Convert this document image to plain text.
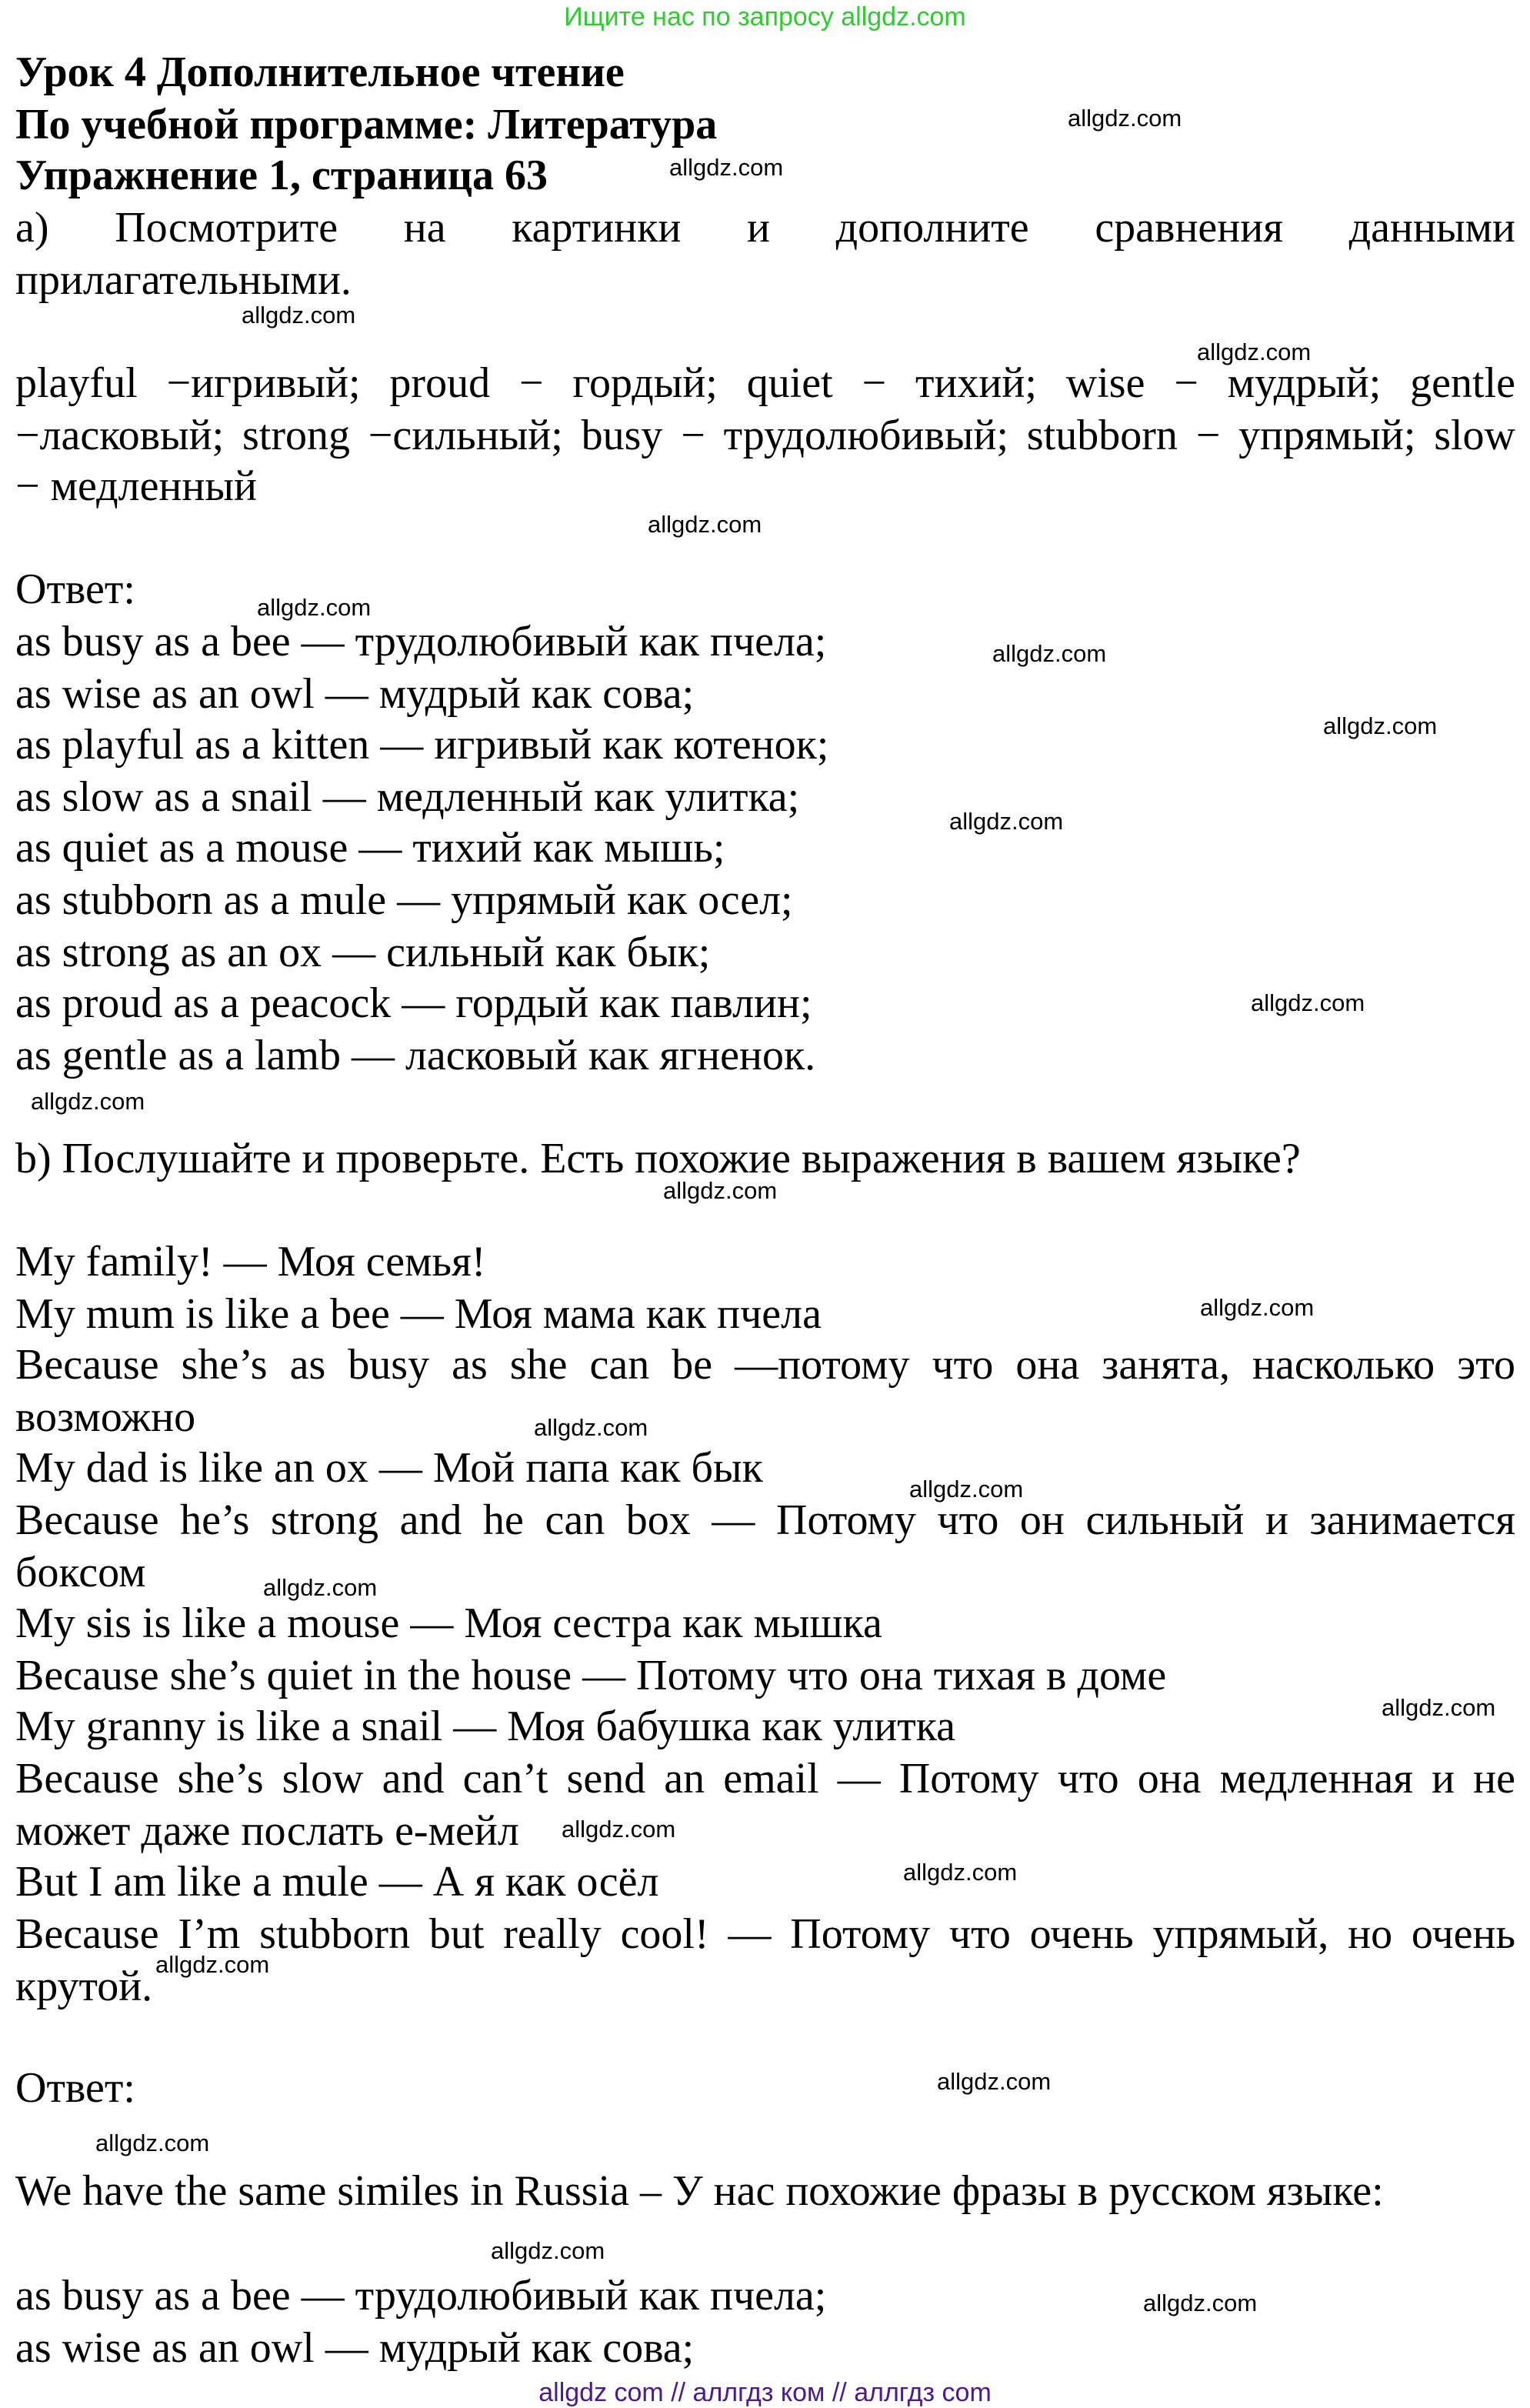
Ищите нас по запросу allgdz.com
Урок 4 Дополнительное чтение
По учебной программе: Литература
Упражнение 1, страница 63
а) Посмотрите на картинки и дополните сравнения данными
прилагательными.
playful −игривый; proud − гордый; quiet − тихий; wise − мудрый; gentle
−ласковый; strong −сильный; busy − трудолюбивый; stubborn − упрямый; slow
− медленный
Ответ:
as busy as a bee — трудолюбивый как пчела;
as wise as an owl — мудрый как сова;
as playful as a kitten — игривый как котенок;
as slow as a snail — медленный как улитка;
as quiet as a mouse — тихий как мышь;
as stubborn as a mule — упрямый как осел;
as strong as an ox — сильный как бык;
as proud as a peacock — гордый как павлин;
as gentle as a lamb — ласковый как ягненок.
b) Послушайте и проверьте. Есть похожие выражения в вашем языке?
My family! — Моя семья!
My mum is like a bee — Моя мама как пчела
Because she’s as busy as she can be —потому что она занята, насколько это
возможно
My dad is like an ox — Мой папа как бык
Because he’s strong and he can box — Потому что он сильный и занимается
боксом
My sis is like a mouse — Моя сестра как мышка
Because she’s quiet in the house — Потому что она тихая в доме
My granny is like a snail — Моя бабушка как улитка
Because she’s slow and can’t send an email — Потому что она медленная и не
может даже послать е-мейл
But I am like a mule — А я как осёл
Because I’m stubborn but really cool! — Потому что очень упрямый, но очень
крутой.
Ответ:
We have the same similes in Russia – У нас похожие фразы в русском языке:
as busy as a bee — трудолюбивый как пчела;
as wise as an owl — мудрый как сова;
allgdz.com
allgdz.com
allgdz.com
allgdz.com
allgdz.com
allgdz.com
allgdz.com
allgdz.com
allgdz.com
allgdz.com
allgdz.com
allgdz.com
allgdz.com
allgdz.com
allgdz.com
allgdz.com
allgdz.com
allgdz.com
allgdz.com
allgdz.com
allgdz.com
allgdz.com
allgdz.com
allgdz.com
allgdz com // аллгдз ком // аллгдз com
